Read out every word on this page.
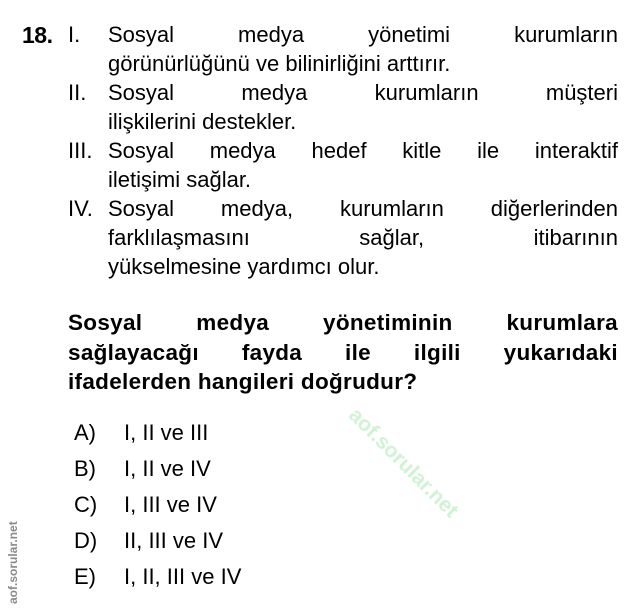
18. I. Sosyal medya yönetimi kurumların
görünürlüğünü ve bilinirliğini arttırır.
II. Sosyal medya kurumların müşteri
ilişkilerini destekler.
III. Sosyal medya hedef kitle ile interaktif
iletişimi sağlar.
IV. Sosyal medya, kurumların diğerlerinden
farklılaşmasını sağlar, itibarının
yükselmesine yardımcı olur.
Sosyal medya yönetiminin kurumlara
sağlayacağı fayda ile ilgili yukarıdaki
ifadelerden hangileri doğrudur?
aof.sorular.net
A)	I, II ve III
B)	I, II ve IV
C)	I, III ve IV
D)	II, III ve IV
E)	I, II, III ve IV
aof.sorular.net
